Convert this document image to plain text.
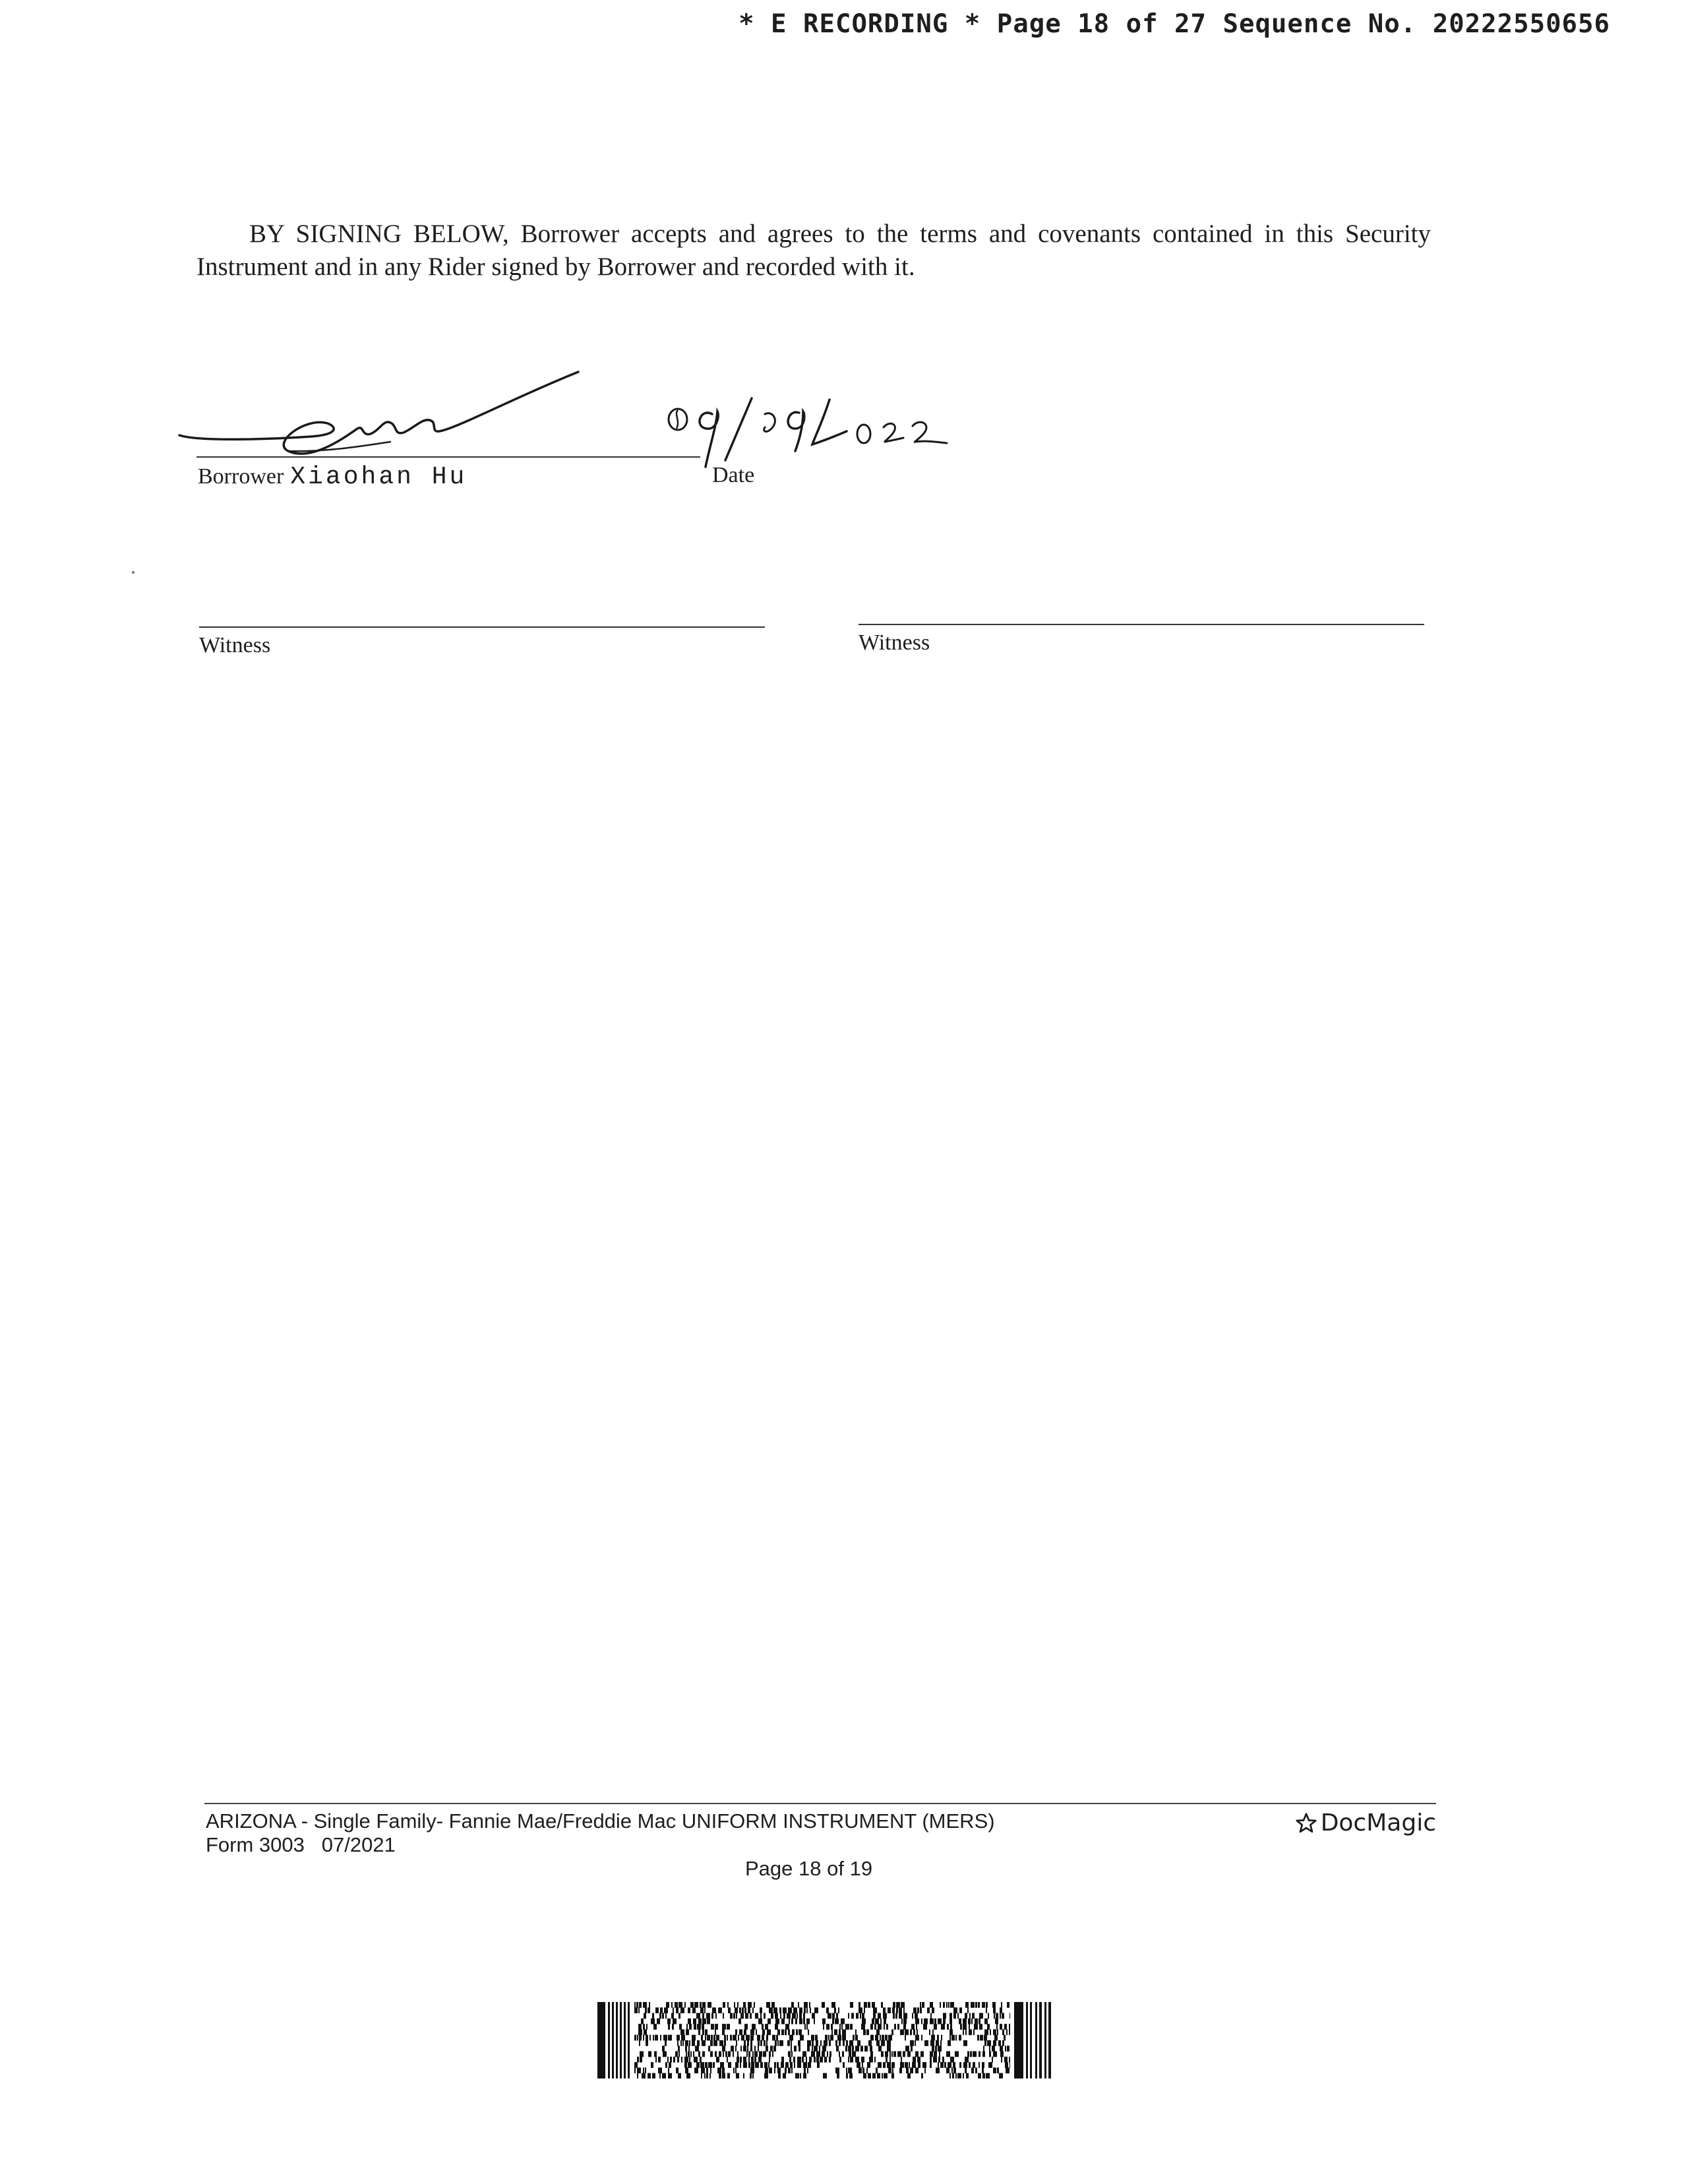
* E RECORDING * Page 18 of 27 Sequence No. 20222550656

BY SIGNING BELOW, Borrower accepts and agrees to the terms and covenants contained in this Security Instrument and in any Rider signed by Borrower and recorded with it.

Borrower Xiaohan Hu	Date
Witness	Witness
ARIZONA - Single Family- Fannie Mae/Freddie Mac UNIFORM INSTRUMENT (MERS)
Form 3003   07/2021
Page 18 of 19
DocMagic
